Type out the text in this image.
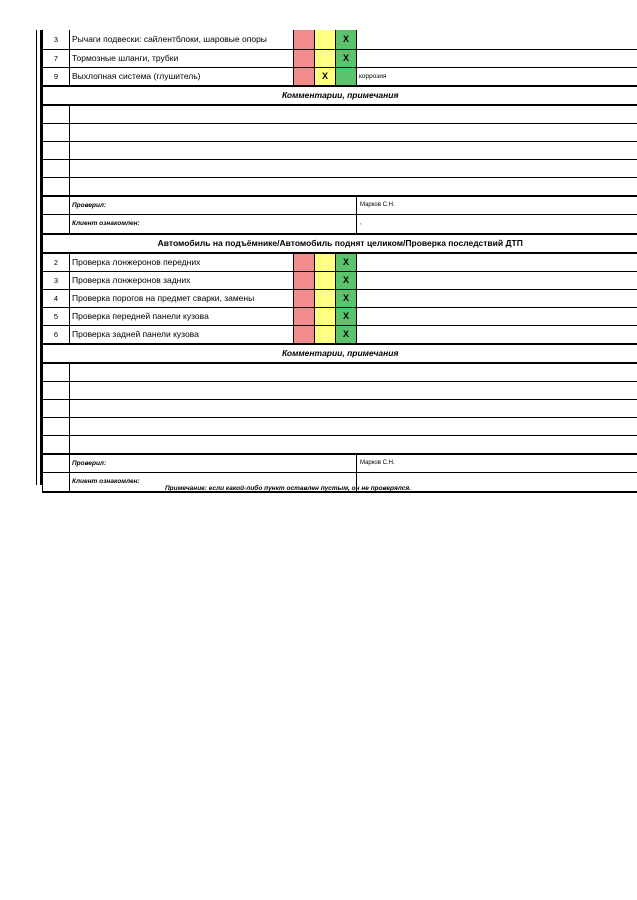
3	Рычаги подвески: сайлентблоки, шаровые опоры			X	
7	Тормозные шланги, трубки			X	
9	Выхлопная система (глушитель)		X		коррозия
Комментарии, примечания					

	Проверил:				Марков С.Н.
	Клиент ознакомлен:				,
Автомобиль на подъёмнике/Автомобиль поднят целиком/Проверка последствий ДТП					
2	Проверка лонжеронов передних			X	
3	Проверка лонжеронов задних			X	
4	Проверка порогов на предмет сварки, замены			X	
5	Проверка передней панели кузова			X	
6	Проверка задней панели кузова			X	
Комментарии, примечания					

	Проверил:				Марков С.Н.
	Клиент ознакомлен:				
Примечание: если какой-либо пункт оставлен пустым, он не проверялся.
